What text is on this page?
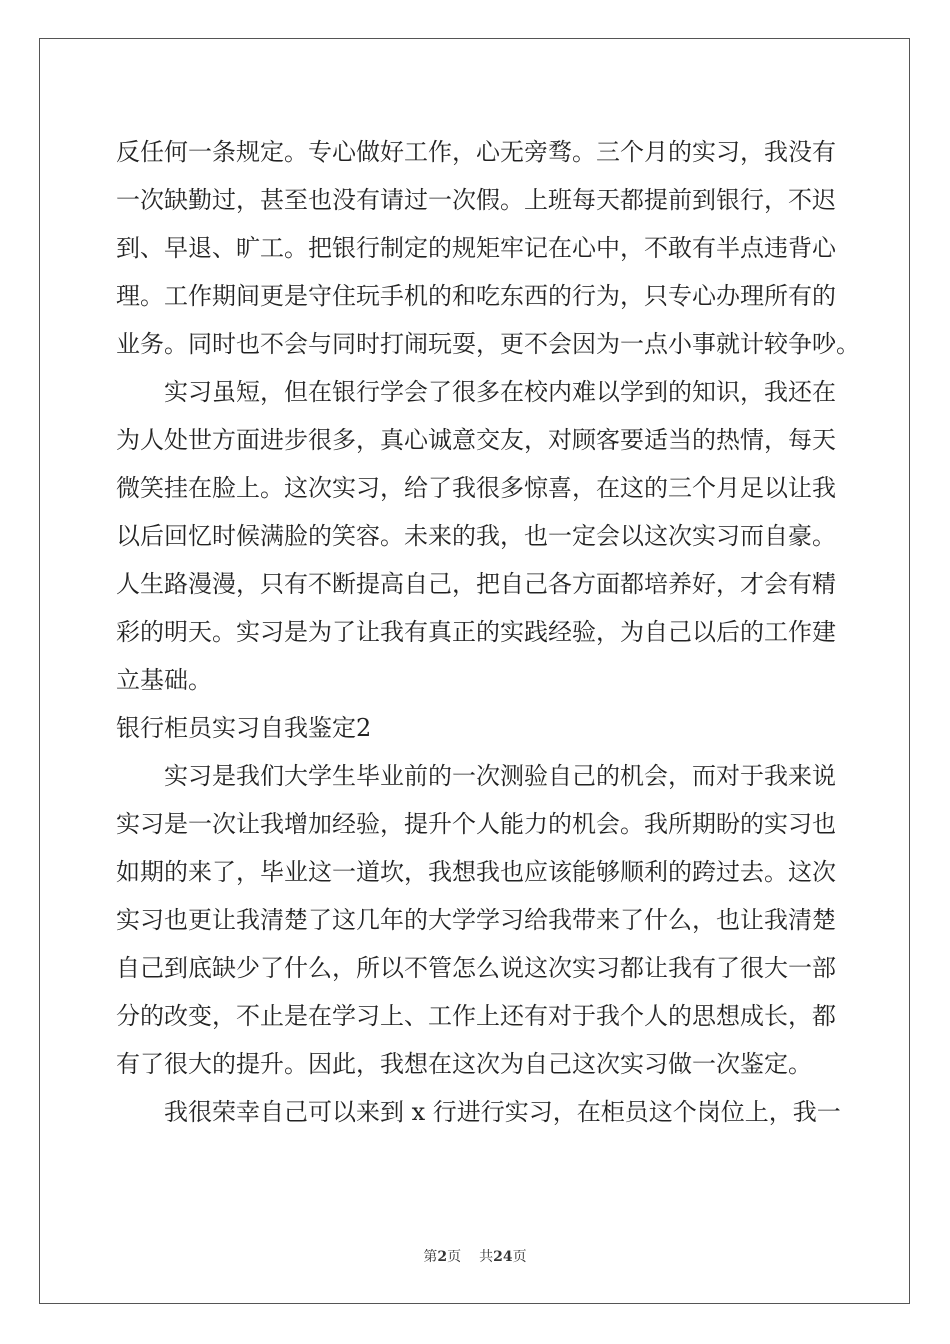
反任何一条规定。专心做好工作，心无旁骛。三个月的实习，我没有
一次缺勤过，甚至也没有请过一次假。上班每天都提前到银行，不迟
到、早退、旷工。把银行制定的规矩牢记在心中，不敢有半点违背心
理。工作期间更是守住玩手机的和吃东西的行为，只专心办理所有的
业务。同时也不会与同时打闹玩耍，更不会因为一点小事就计较争吵。
实习虽短，但在银行学会了很多在校内难以学到的知识，我还在
为人处世方面进步很多，真心诚意交友，对顾客要适当的热情，每天
微笑挂在脸上。这次实习，给了我很多惊喜，在这的三个月足以让我
以后回忆时候满脸的笑容。未来的我，也一定会以这次实习而自豪。
人生路漫漫，只有不断提高自己，把自己各方面都培养好，才会有精
彩的明天。实习是为了让我有真正的实践经验，为自己以后的工作建
立基础。
银行柜员实习自我鉴定2
实习是我们大学生毕业前的一次测验自己的机会，而对于我来说
实习是一次让我增加经验，提升个人能力的机会。我所期盼的实习也
如期的来了，毕业这一道坎，我想我也应该能够顺利的跨过去。这次
实习也更让我清楚了这几年的大学学习给我带来了什么，也让我清楚
自己到底缺少了什么，所以不管怎么说这次实习都让我有了很大一部
分的改变，不止是在学习上、工作上还有对于我个人的思想成长，都
有了很大的提升。因此，我想在这次为自己这次实习做一次鉴定。
我很荣幸自己可以来到 x 行进行实习，在柜员这个岗位上，我一
第2页 共24页
